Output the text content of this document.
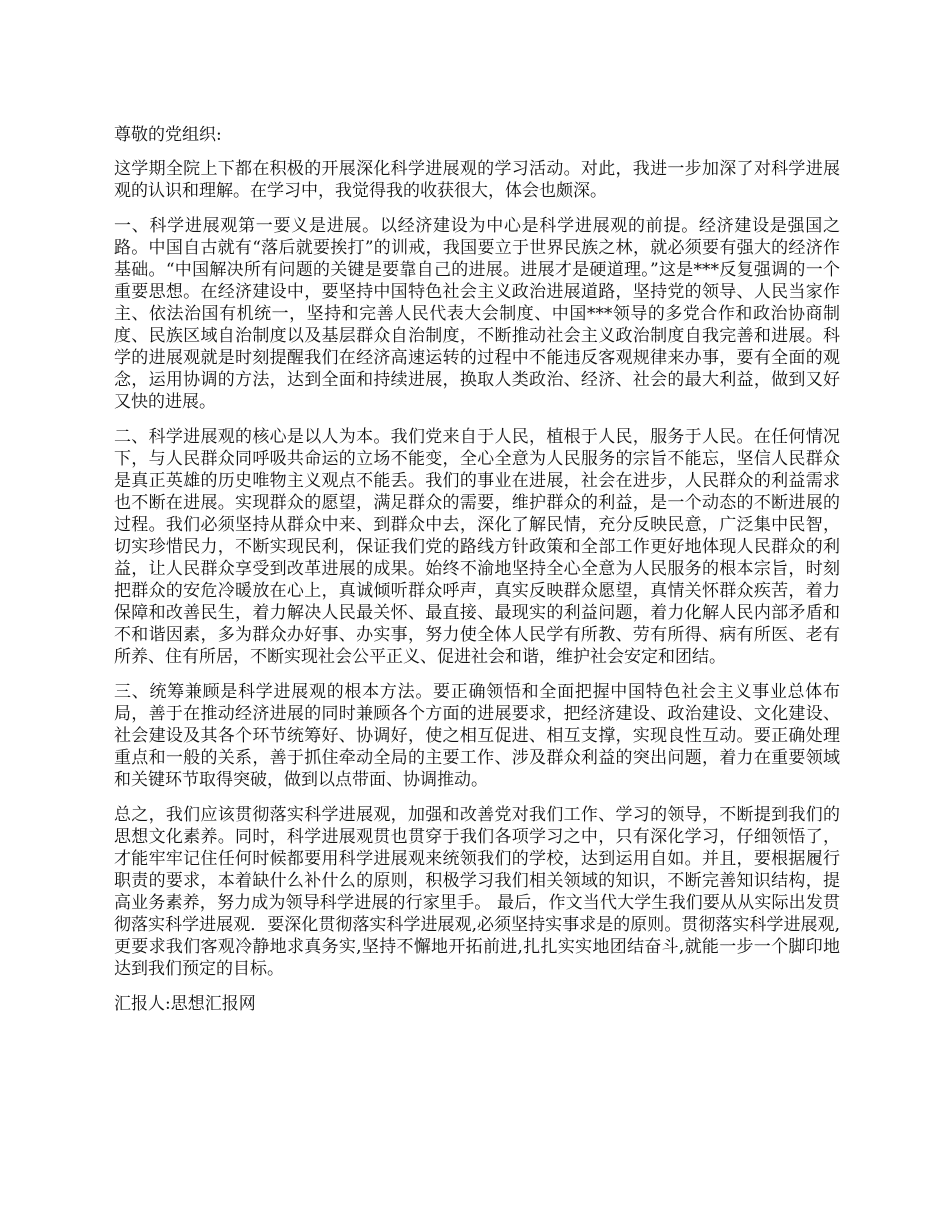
尊敬的党组织:

这学期全院上下都在积极的开展深化科学进展观的学习活动。对此，我进一步加深了对科学进展观的认识和理解。在学习中，我觉得我的收获很大，体会也颇深。

一、科学进展观第一要义是进展。以经济建设为中心是科学进展观的前提。经济建设是强国之路。中国自古就有“落后就要挨打”的训戒，我国要立于世界民族之林，就必须要有强大的经济作基础。“中国解决所有问题的关键是要靠自己的进展。进展才是硬道理。”这是***反复强调的一个重要思想。在经济建设中，要坚持中国特色社会主义政治进展道路，坚持党的领导、人民当家作主、依法治国有机统一，坚持和完善人民代表大会制度、中国***领导的多党合作和政治协商制度、民族区域自治制度以及基层群众自治制度，不断推动社会主义政治制度自我完善和进展。科学的进展观就是时刻提醒我们在经济高速运转的过程中不能违反客观规律来办事，要有全面的观念，运用协调的方法，达到全面和持续进展，换取人类政治、经济、社会的最大利益，做到又好又快的进展。

二、科学进展观的核心是以人为本。我们党来自于人民，植根于人民，服务于人民。在任何情况下，与人民群众同呼吸共命运的立场不能变，全心全意为人民服务的宗旨不能忘，坚信人民群众是真正英雄的历史唯物主义观点不能丢。我们的事业在进展，社会在进步，人民群众的利益需求也不断在进展。实现群众的愿望，满足群众的需要，维护群众的利益，是一个动态的不断进展的过程。我们必须坚持从群众中来、到群众中去，深化了解民情，充分反映民意，广泛集中民智，切实珍惜民力，不断实现民利，保证我们党的路线方针政策和全部工作更好地体现人民群众的利益，让人民群众享受到改革进展的成果。始终不渝地坚持全心全意为人民服务的根本宗旨，时刻把群众的安危冷暖放在心上，真诚倾听群众呼声，真实反映群众愿望，真情关怀群众疾苦，着力保障和改善民生，着力解决人民最关怀、最直接、最现实的利益问题，着力化解人民内部矛盾和不和谐因素，多为群众办好事、办实事，努力使全体人民学有所教、劳有所得、病有所医、老有所养、住有所居，不断实现社会公平正义、促进社会和谐，维护社会安定和团结。

三、统筹兼顾是科学进展观的根本方法。要正确领悟和全面把握中国特色社会主义事业总体布局，善于在推动经济进展的同时兼顾各个方面的进展要求，把经济建设、政治建设、文化建设、社会建设及其各个环节统筹好、协调好，使之相互促进、相互支撑，实现良性互动。要正确处理重点和一般的关系，善于抓住牵动全局的主要工作、涉及群众利益的突出问题，着力在重要领域和关键环节取得突破，做到以点带面、协调推动。

总之，我们应该贯彻落实科学进展观，加强和改善党对我们工作、学习的领导，不断提到我们的思想文化素养。同时，科学进展观贯也贯穿于我们各项学习之中，只有深化学习，仔细领悟了，才能牢牢记住任何时候都要用科学进展观来统领我们的学校，达到运用自如。并且，要根据履行职责的要求，本着缺什么补什么的原则，积极学习我们相关领域的知识，不断完善知识结构，提高业务素养，努力成为领导科学进展的行家里手。 最后，作文当代大学生我们要从从实际出发贯彻落实科学进展观．要深化贯彻落实科学进展观,必须坚持实事求是的原则。贯彻落实科学进展观,更要求我们客观冷静地求真务实,坚持不懈地开拓前进,扎扎实实地团结奋斗,就能一步一个脚印地达到我们预定的目标。

汇报人:思想汇报网
